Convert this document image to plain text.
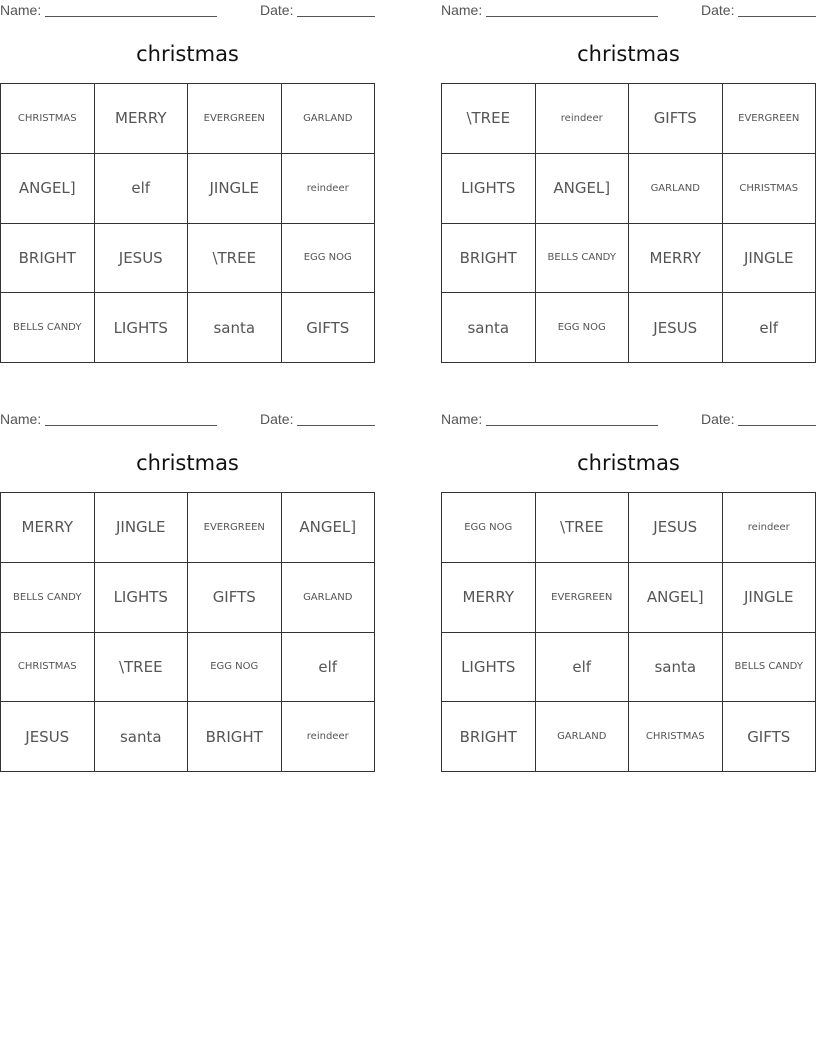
Name:	Date:
christmas
CHRISTMAS	MERRY	EVERGREEN	GARLAND
ANGEL]	elf	JINGLE	reindeer
BRIGHT	JESUS	\TREE	EGG NOG
BELLS CANDY	LIGHTS	santa	GIFTS
Name:	Date:
christmas
\TREE	reindeer	GIFTS	EVERGREEN
LIGHTS	ANGEL]	GARLAND	CHRISTMAS
BRIGHT	BELLS CANDY	MERRY	JINGLE
santa	EGG NOG	JESUS	elf
Name:	Date:
christmas
MERRY	JINGLE	EVERGREEN	ANGEL]
BELLS CANDY	LIGHTS	GIFTS	GARLAND
CHRISTMAS	\TREE	EGG NOG	elf
JESUS	santa	BRIGHT	reindeer
Name:	Date:
christmas
EGG NOG	\TREE	JESUS	reindeer
MERRY	EVERGREEN	ANGEL]	JINGLE
LIGHTS	elf	santa	BELLS CANDY
BRIGHT	GARLAND	CHRISTMAS	GIFTS
